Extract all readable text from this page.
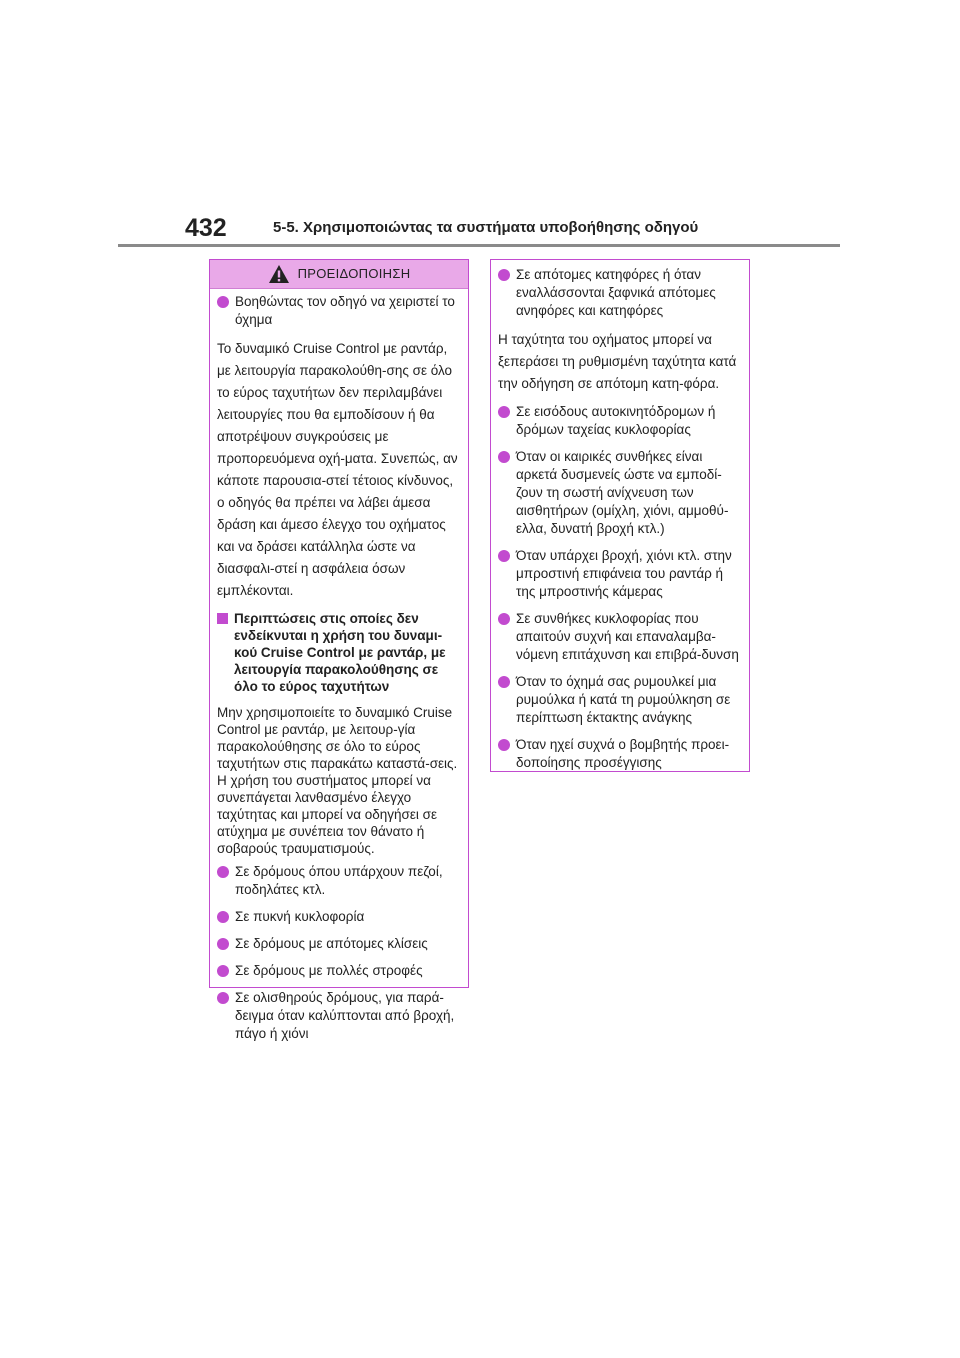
432	5-5. Χρησιμοποιώντας τα συστήματα υποβοήθησης οδηγού
ΠΡΟΕΙΔΟΠΟΙΗΣΗ
Βοηθώντας τον οδηγό να χειριστεί το όχημα
Το δυναμικό Cruise Control με ραντάρ, με λειτουργία παρακολούθη-σης σε όλο το εύρος ταχυτήτων δεν περιλαμβάνει λειτουργίες που θα εμποδίσουν ή θα αποτρέψουν συγκρούσεις με προπορευόμενα οχή-ματα. Συνεπώς, αν κάποτε παρουσια-στεί τέτοιος κίνδυνος, ο οδηγός θα πρέπει να λάβει άμεσα δράση και άμεσο έλεγχο του οχήματος και να δράσει κατάλληλα ώστε να διασφαλι-στεί η ασφάλεια όσων εμπλέκονται.
Περιπτώσεις στις οποίες δεν ενδείκνυται η χρήση του δυναμι-κού Cruise Control με ραντάρ, με λειτουργία παρακολούθησης σε όλο το εύρος ταχυτήτων
Μην χρησιμοποιείτε το δυναμικό Cruise Control με ραντάρ, με λειτουρ-γία παρακολούθησης σε όλο το εύρος ταχυτήτων στις παρακάτω καταστά-σεις. Η χρήση του συστήματος μπορεί να συνεπάγεται λανθασμένο έλεγχο ταχύτητας και μπορεί να οδηγήσει σε ατύχημα με συνέπεια τον θάνατο ή σοβαρούς τραυματισμούς.
Σε δρόμους όπου υπάρχουν πεζοί, ποδηλάτες κτλ.
Σε πυκνή κυκλοφορία
Σε δρόμους με απότομες κλίσεις
Σε δρόμους με πολλές στροφές
Σε ολισθηρούς δρόμους, για παρά-δειγμα όταν καλύπτονται από βροχή, πάγο ή χιόνι
Σε απότομες κατηφόρες ή όταν εναλλάσσονται ξαφνικά απότομες ανηφόρες και κατηφόρες
Η ταχύτητα του οχήματος μπορεί να ξεπεράσει τη ρυθμισμένη ταχύτητα κατά την οδήγηση σε απότομη κατη-φόρα.
Σε εισόδους αυτοκινητόδρομων ή δρόμων ταχείας κυκλοφορίας
Όταν οι καιρικές συνθήκες είναι αρκετά δυσμενείς ώστε να εμποδί-ζουν τη σωστή ανίχνευση των αισθητήρων (ομίχλη, χιόνι, αμμοθύ-ελλα, δυνατή βροχή κτλ.)
Όταν υπάρχει βροχή, χιόνι κτλ. στην μπροστινή επιφάνεια του ραντάρ ή της μπροστινής κάμερας
Σε συνθήκες κυκλοφορίας που απαιτούν συχνή και επαναλαμβα-νόμενη επιτάχυνση και επιβρά-δυνση
Όταν το όχημά σας ρυμουλκεί μια ρυμούλκα ή κατά τη ρυμούλκηση σε περίπτωση έκτακτης ανάγκης
Όταν ηχεί συχνά ο βομβητής προει-δοποίησης προσέγγισης
